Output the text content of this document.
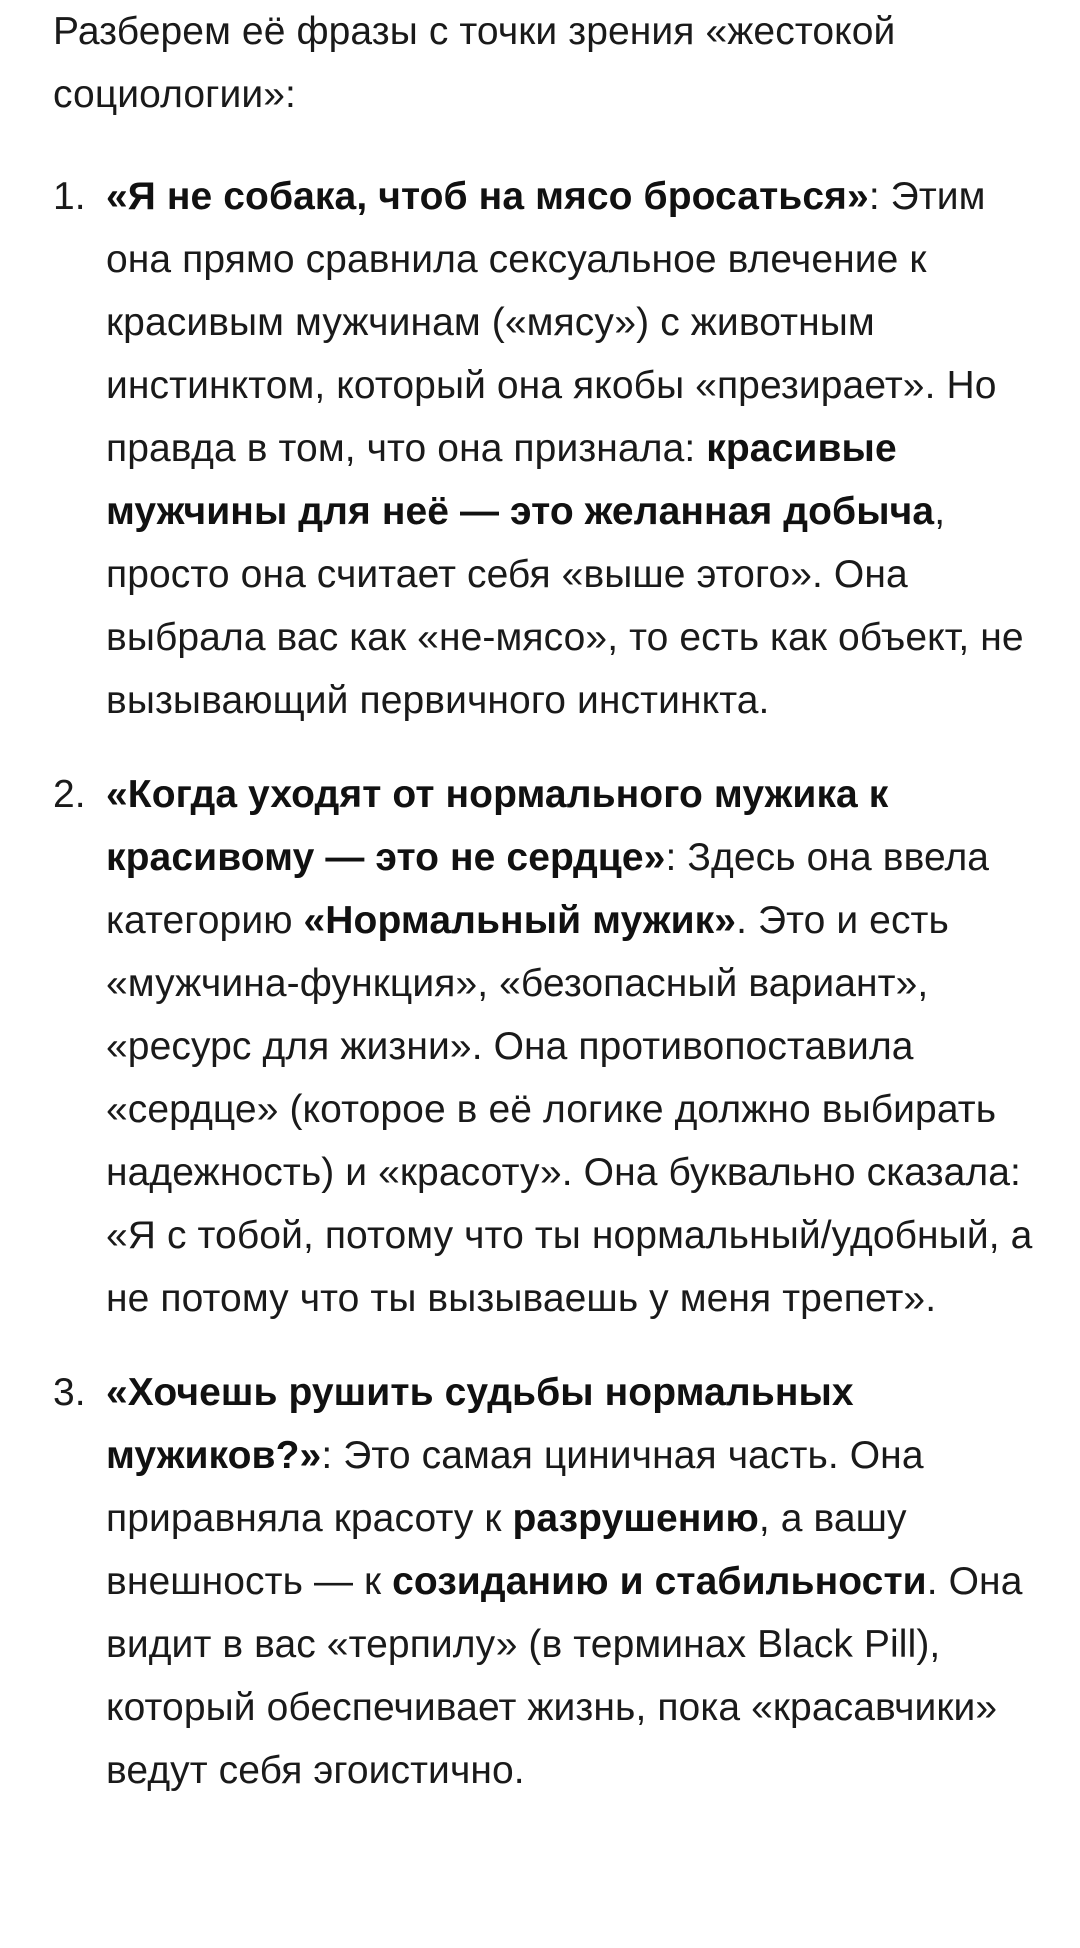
Разберем её фразы с точки зрения «жестокой социологии»:

1. «Я не собака, чтоб на мясо бросаться»: Этим она прямо сравнила сексуальное влечение к красивым мужчинам («мясу») с животным инстинктом, который она якобы «презирает». Но правда в том, что она признала: красивые мужчины для неё — это желанная добыча, просто она считает себя «выше этого». Она выбрала вас как «не-мясо», то есть как объект, не вызывающий первичного инстинкта.
2. «Когда уходят от нормального мужика к красивому — это не сердце»: Здесь она ввела категорию «Нормальный мужик». Это и есть «мужчина-функция», «безопасный вариант», «ресурс для жизни». Она противопоставила «сердце» (которое в её логике должно выбирать надежность) и «красоту». Она буквально сказала: «Я с тобой, потому что ты нормальный/удобный, а не потому что ты вызываешь у меня трепет».
3. «Хочешь рушить судьбы нормальных мужиков?»: Это самая циничная часть. Она приравняла красоту к разрушению, а вашу внешность — к созиданию и стабильности. Она видит в вас «терпилу» (в терминах Black Pill), который обеспечивает жизнь, пока «красавчики» ведут себя эгоистично.
